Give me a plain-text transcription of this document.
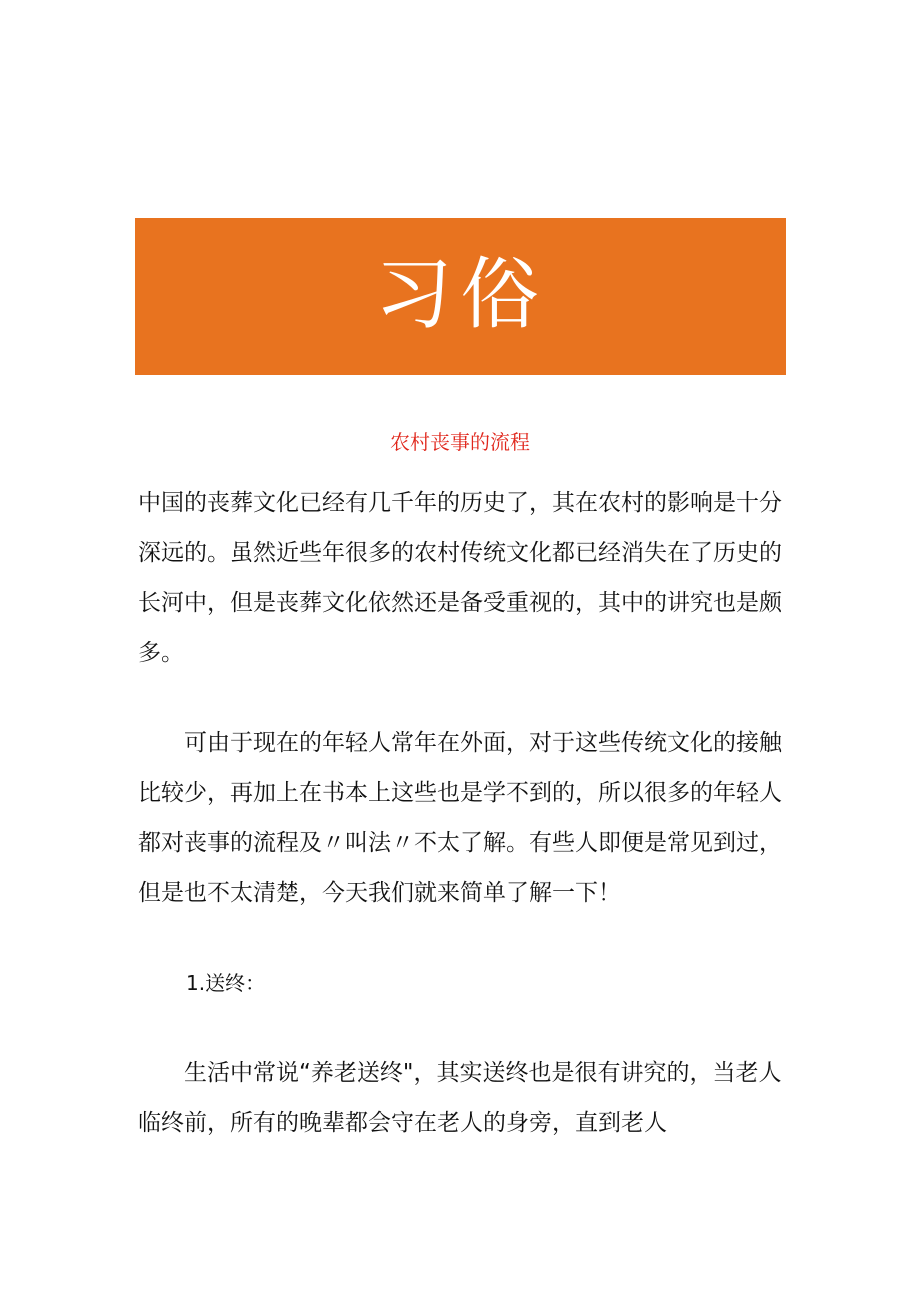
习俗
农村丧事的流程

中国的丧葬文化已经有几千年的历史了，其在农村的影响是十分深远的。虽然近些年很多的农村传统文化都已经消失在了历史的长河中，但是丧葬文化依然还是备受重视的，其中的讲究也是颇多。

可由于现在的年轻人常年在外面，对于这些传统文化的接触比较少，再加上在书本上这些也是学不到的，所以很多的年轻人都对丧事的流程及〃叫法〃不太了解。有些人即便是常见到过，但是也不太清楚，今天我们就来简单了解一下！

1.送终：

生活中常说“养老送终"，其实送终也是很有讲究的，当老人临终前，所有的晚辈都会守在老人的身旁，直到老人
